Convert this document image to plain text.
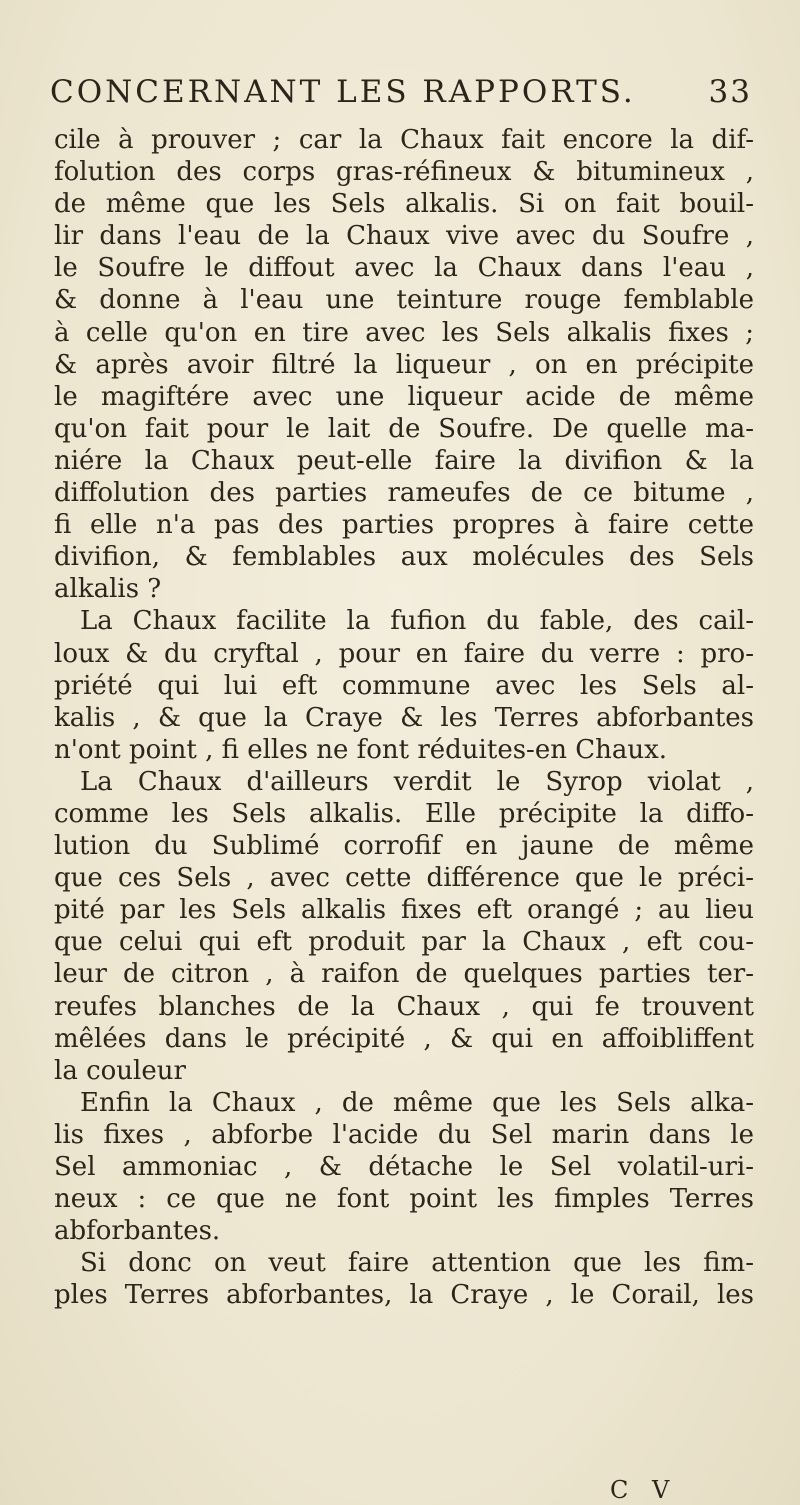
CONCERNANT LES RAPPORTS. 33
cile à prouver ; car la Chaux fait encore la dif-
folution des corps gras-réfineux & bitumineux ,
de même que les Sels alkalis. Si on fait bouil-
lir dans l'eau de la Chaux vive avec du Soufre ,
le Soufre le diffout avec la Chaux dans l'eau ,
& donne à l'eau une teinture rouge femblable
à celle qu'on en tire avec les Sels alkalis fixes ;
& après avoir filtré la liqueur , on en précipite
le magiftére avec une liqueur acide de même
qu'on fait pour le lait de Soufre. De quelle ma-
niére la Chaux peut-elle faire la divifion & la
diffolution des parties rameufes de ce bitume ,
fi elle n'a pas des parties propres à faire cette
divifion, & femblables aux molécules des Sels
alkalis ?
La Chaux facilite la fufion du fable, des cail-
loux & du cryftal , pour en faire du verre : pro-
priété qui lui eft commune avec les Sels al-
kalis , & que la Craye & les Terres abforbantes
n'ont point , fi elles ne font réduites-en Chaux.
La Chaux d'ailleurs verdit le Syrop violat ,
comme les Sels alkalis. Elle précipite la diffo-
lution du Sublimé corrofif en jaune de même
que ces Sels , avec cette différence que le préci-
pité par les Sels alkalis fixes eft orangé ; au lieu
que celui qui eft produit par la Chaux , eft cou-
leur de citron , à raifon de quelques parties ter-
reufes blanches de la Chaux , qui fe trouvent
mêlées dans le précipité , & qui en affoibliffent
la couleur
Enfin la Chaux , de même que les Sels alka-
lis fixes , abforbe l'acide du Sel marin dans le
Sel ammoniac , & détache le Sel volatil-uri-
neux : ce que ne font point les fimples Terres
abforbantes.
Si donc on veut faire attention que les fim-
ples Terres abforbantes, la Craye , le Corail, les
C V
